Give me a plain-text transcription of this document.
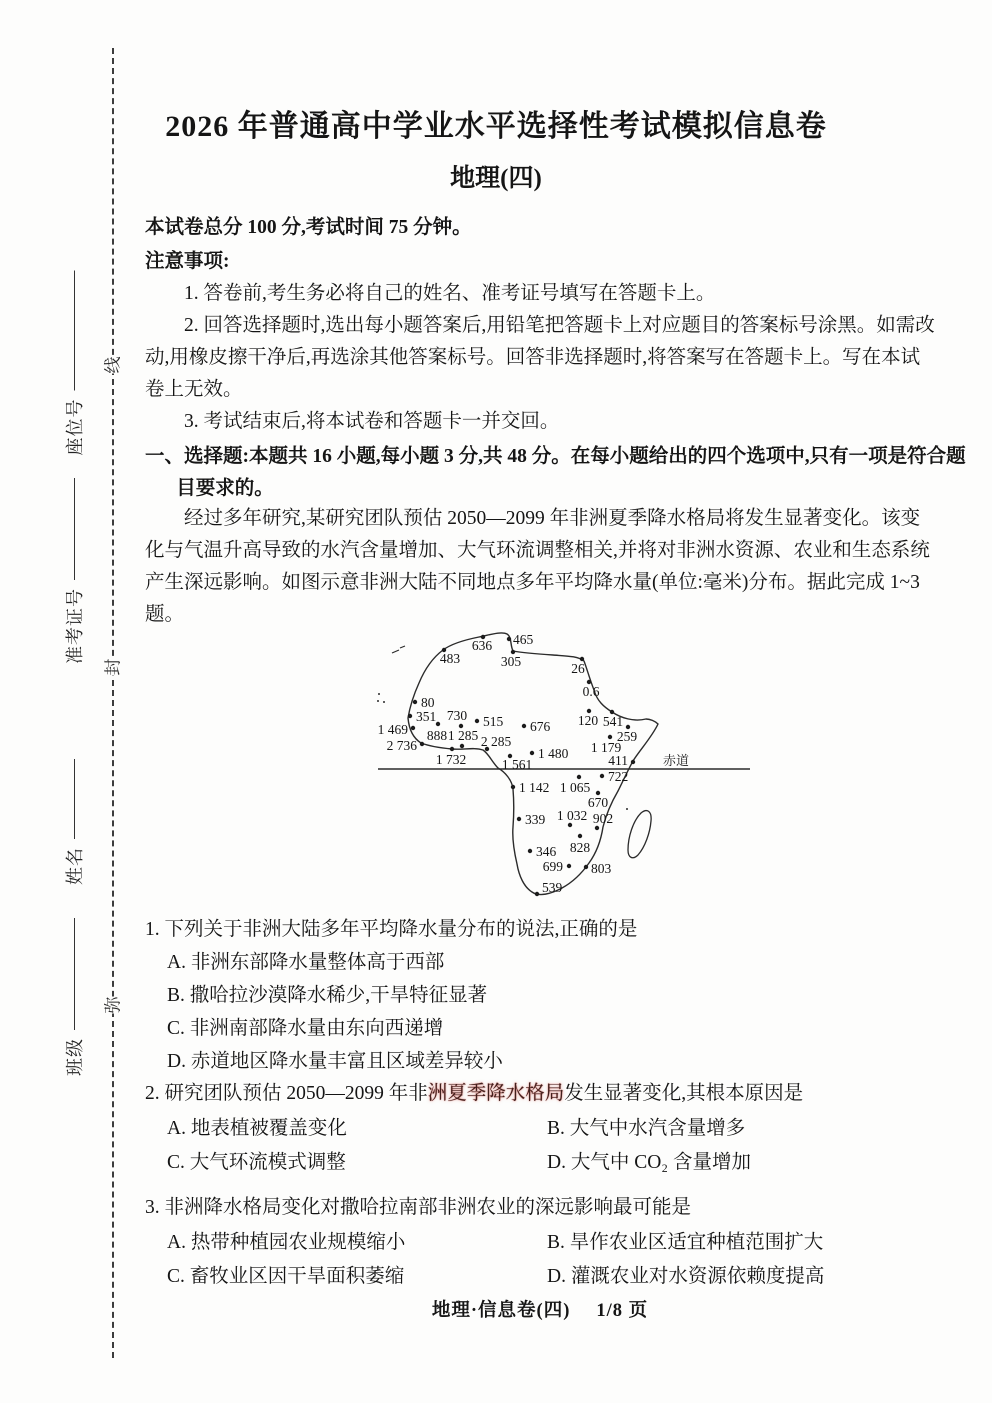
线
封
弥
座位号
准考证号
姓名
班级
2026 年普通高中学业水平选择性考试模拟信息卷
地理(四)

本试卷总分 100 分,考试时间 75 分钟。

注意事项:

1. 答卷前,考生务必将自己的姓名、准考证号填写在答题卡上。

2. 回答选择题时,选出每小题答案后,用铅笔把答题卡上对应题目的答案标号涂黑。如需改动,用橡皮擦干净后,再选涂其他答案标号。回答非选择题时,将答案写在答题卡上。写在本试卷上无效。

3. 考试结束后,将本试卷和答题卡一并交回。

一、选择题:本题共 16 小题,每小题 3 分,共 48 分。在每小题给出的四个选项中,只有一项是符合题目要求的。

经过多年研究,某研究团队预估 2050—2099 年非洲夏季降水格局将发生显著变化。该变化与气温升高导致的水汽含量增加、大气环流调整相关,并将对非洲水资源、农业和生态系统产生深远影响。如图示意非洲大陆不同地点多年平均降水量(单位:毫米)分布。据此完成 1~3 题。

1. 下列关于非洲大陆多年平均降水量分布的说法,正确的是

A. 非洲东部降水量整体高于西部

B. 撒哈拉沙漠降水稀少,干旱特征显著

C. 非洲南部降水量由东向西递增

D. 赤道地区降水量丰富且区域差异较小

2. 研究团队预估 2050—2099 年非洲夏季降水格局发生显著变化,其根本原因是

A. 地表植被覆盖变化	B. 大气中水汽含量增多

C. 大气环流模式调整	D. 大气中 CO₂ 含量增加

3. 非洲降水格局变化对撒哈拉南部非洲农业的深远影响最可能是

A. 热带种植园农业规模缩小	B. 旱作农业区适宜种植范围扩大

C. 畜牧业区因干旱面积萎缩	D. 灌溉农业对水资源依赖度提高

赤道
483
636 465
305	26
0.6
80
351
1 469 888
730 515 676 120 541
259
1 179
2 736
1 285 2 285
1 732	1 561
1 480	411
722
1 142 1 065
670
339 1 032 902
828
346
699 803
539
地理·信息卷(四) 1/8 页
